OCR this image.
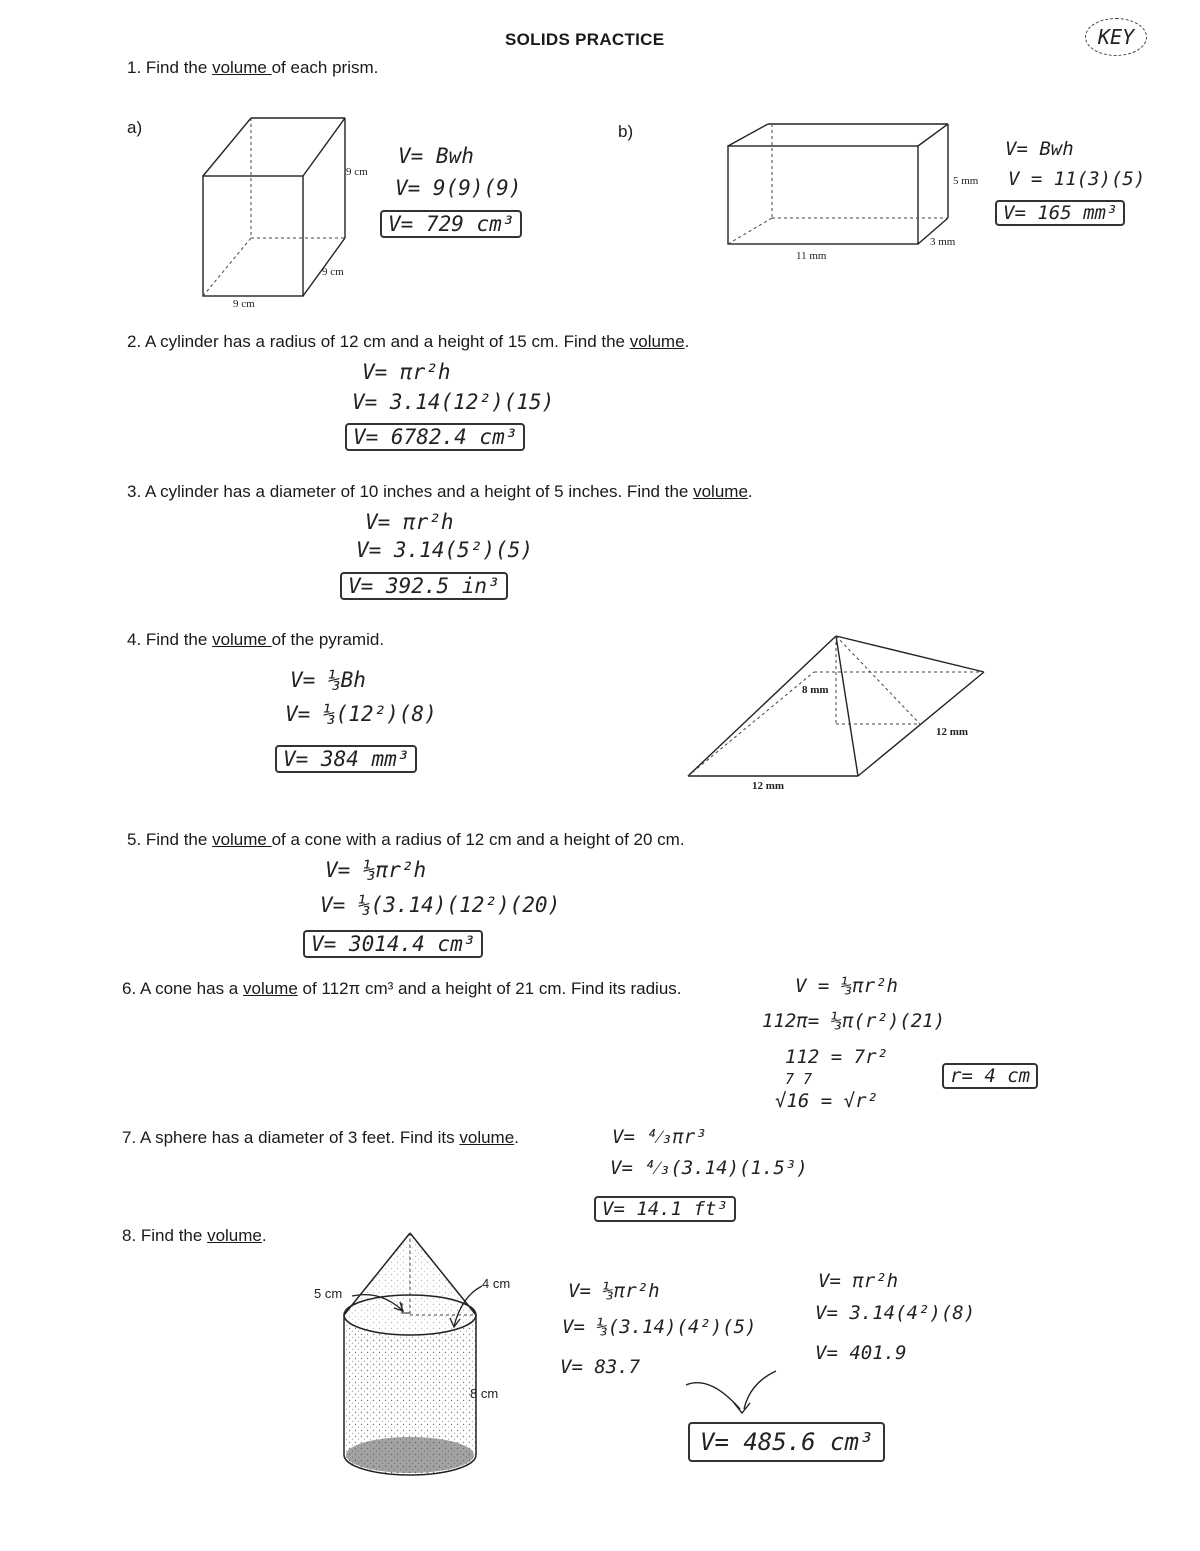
SOLIDS PRACTICE	KEY
1. Find the volume of each prism.
a)	b)
9 cm
9 cm
9 cm
V= Bwh
V= 9(9)(9)
V= 729 cm³
5 mm
3 mm
11 mm
V= Bwh
V = 11(3)(5)
V= 165 mm³
2. A cylinder has a radius of 12 cm and a height of 15 cm. Find the volume.
V= πr²h
V= 3.14(12²)(15)
V= 6782.4 cm³
3. A cylinder has a diameter of 10 inches and a height of 5 inches. Find the volume.
V= πr²h
V= 3.14(5²)(5)
V= 392.5 in³
4. Find the volume of the pyramid.
V= ⅓Bh
V= ⅓(12²)(8)
V= 384 mm³
8 mm
12 mm
12 mm
5. Find the volume of a cone with a radius of 12 cm and a height of 20 cm.
V= ⅓πr²h
V= ⅓(3.14)(12²)(20)
V= 3014.4 cm³
6. A cone has a volume of 112π cm³ and a height of 21 cm. Find its radius.	V = ⅓πr²h
112π= ⅓π(r²)(21)
112 = 7r²
7 7
√16 = √r²
r= 4 cm
7. A sphere has a diameter of 3 feet. Find its volume.	V= ⁴⁄₃πr³
V= ⁴⁄₃(3.14)(1.5³)
V= 14.1 ft³
8. Find the volume.
5 cm
4 cm
8 cm
V= ⅓πr²h
V= ⅓(3.14)(4²)(5)
V= 83.7
V= πr²h
V= 3.14(4²)(8)
V= 401.9
V= 485.6 cm³
